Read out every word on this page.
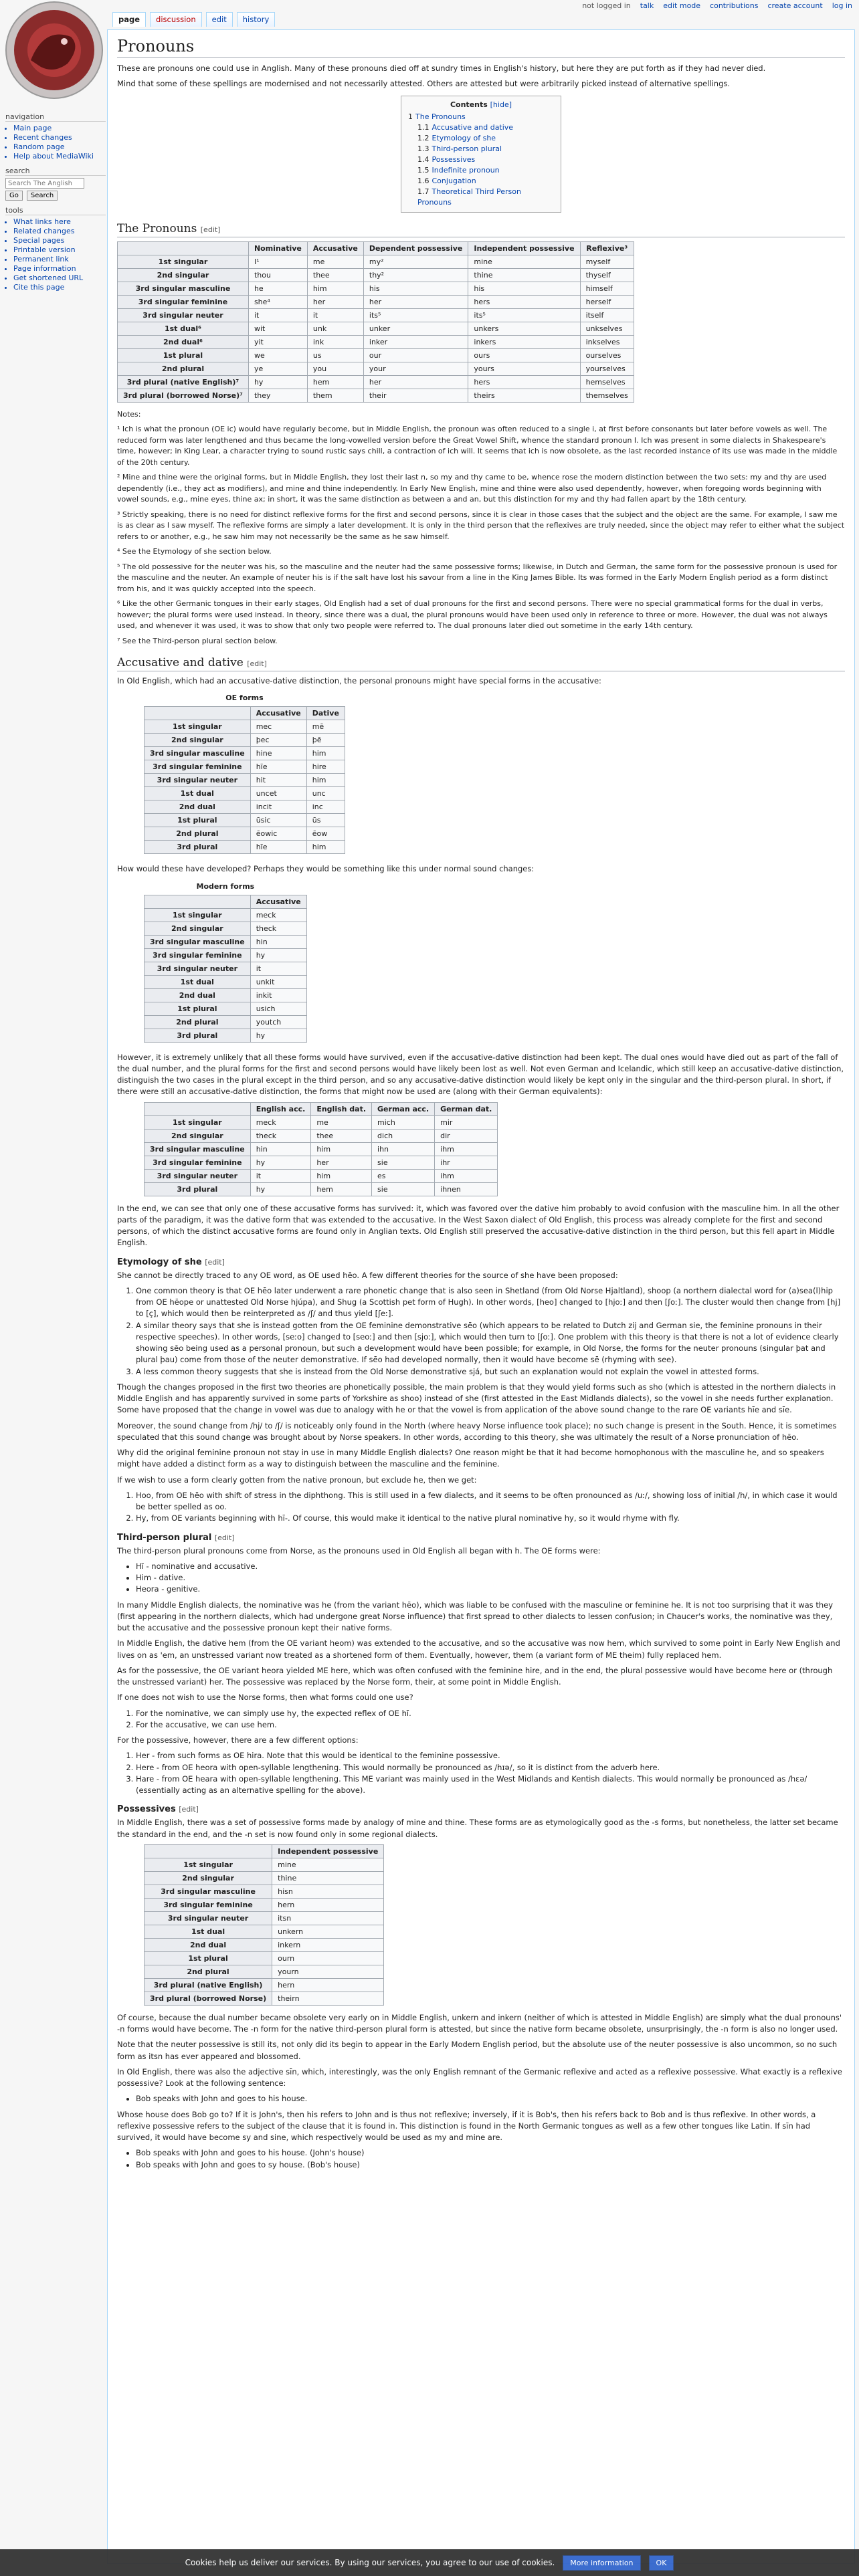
not logged in talk edit mode contributions create account log in
page	discussion	edit	history
navigation
• Main page
• Recent changes
• Random page
• Help about MediaWiki
search
Search The Anglish
Go	Search
tools
• What links here
• Related changes
• Special pages
• Printable version
• Permanent link
• Page information
• Get shortened URL
• Cite this page
Pronouns

These are pronouns one could use in Anglish. Many of these pronouns died off at sundry times in English's history, but here they are put forth as if they had never died.

Mind that some of these spellings are modernised and not necessarily attested. Others are attested but were arbitrarily picked instead of alternative spellings.

Contents [hide]
1 The Pronouns
1.1 Accusative and dative
1.2 Etymology of she
1.3 Third-person plural
1.4 Possessives
1.5 Indefinite pronoun
1.6 Conjugation
1.7 Theoretical Third Person Pronouns
The Pronouns [edit]
	Nominative	Accusative	Dependent possessive	Independent possessive	Reflexive³
1st singular	I¹	me	my²	mine	myself
2nd singular	thou	thee	thy²	thine	thyself
3rd singular masculine	he	him	his	his	himself
3rd singular feminine	she⁴	her	her	hers	herself
3rd singular neuter	it	it	its⁵	its⁵	itself
1st dual⁶	wit	unk	unker	unkers	unkselves
2nd dual⁶	yit	ink	inker	inkers	inkselves
1st plural	we	us	our	ours	ourselves
2nd plural	ye	you	your	yours	yourselves
3rd plural (native English)⁷	hy	hem	her	hers	hemselves
3rd plural (borrowed Norse)⁷	they	them	their	theirs	themselves

Notes:

¹ Ich is what the pronoun (OE ic) would have regularly become, but in Middle English, the pronoun was often reduced to a single i, at first before consonants but later before vowels as well. The reduced form was later lengthened and thus became the long-vowelled version before the Great Vowel Shift, whence the standard pronoun I. Ich was present in some dialects in Shakespeare's time, however; in King Lear, a character trying to sound rustic says chill, a contraction of ich will. It seems that ich is now obsolete, as the last recorded instance of its use was made in the middle of the 20th century.

² Mine and thine were the original forms, but in Middle English, they lost their last n, so my and thy came to be, whence rose the modern distinction between the two sets: my and thy are used dependently (i.e., they act as modifiers), and mine and thine independently. In Early New English, mine and thine were also used dependently, however, when foregoing words beginning with vowel sounds, e.g., mine eyes, thine ax; in short, it was the same distinction as between a and an, but this distinction for my and thy had fallen apart by the 18th century.

³ Strictly speaking, there is no need for distinct reflexive forms for the first and second persons, since it is clear in those cases that the subject and the object are the same. For example, I saw me is as clear as I saw myself. The reflexive forms are simply a later development. It is only in the third person that the reflexives are truly needed, since the object may refer to either what the subject refers to or another, e.g., he saw him may not necessarily be the same as he saw himself.

⁴ See the Etymology of she section below.

⁵ The old possessive for the neuter was his, so the masculine and the neuter had the same possessive forms; likewise, in Dutch and German, the same form for the possessive pronoun is used for the masculine and the neuter. An example of neuter his is if the salt have lost his savour from a line in the King James Bible. Its was formed in the Early Modern English period as a form distinct from his, and it was quickly accepted into the speech.

⁶ Like the other Germanic tongues in their early stages, Old English had a set of dual pronouns for the first and second persons. There were no special grammatical forms for the dual in verbs, however; the plural forms were used instead. In theory, since there was a dual, the plural pronouns would have been used only in reference to three or more. However, the dual was not always used, and whenever it was used, it was to show that only two people were referred to. The dual pronouns later died out sometime in the early 14th century.

⁷ See the Third-person plural section below.

Accusative and dative [edit]

In Old English, which had an accusative-dative distinction, the personal pronouns might have special forms in the accusative:

OE forms
	Accusative	Dative
1st singular	mec	mē
2nd singular	þec	þē
3rd singular masculine	hine	him
3rd singular feminine	hīe	hire
3rd singular neuter	hit	him
1st dual	uncet	unc
2nd dual	incit	inc
1st plural	ūsic	ūs
2nd plural	ēowic	ēow
3rd plural	hīe	him

How would these have developed? Perhaps they would be something like this under normal sound changes:

Modern forms
	Accusative
1st singular	meck
2nd singular	theck
3rd singular masculine	hin
3rd singular feminine	hy
3rd singular neuter	it
1st dual	unkit
2nd dual	inkit
1st plural	usich
2nd plural	youtch
3rd plural	hy

However, it is extremely unlikely that all these forms would have survived, even if the accusative-dative distinction had been kept. The dual ones would have died out as part of the fall of the dual number, and the plural forms for the first and second persons would have likely been lost as well. Not even German and Icelandic, which still keep an accusative-dative distinction, distinguish the two cases in the plural except in the third person, and so any accusative-dative distinction would likely be kept only in the singular and the third-person plural. In short, if there were still an accusative-dative distinction, the forms that might now be used are (along with their German equivalents):

	English acc.	English dat.	German acc.	German dat.
1st singular	meck	me	mich	mir
2nd singular	theck	thee	dich	dir
3rd singular masculine	hin	him	ihn	ihm
3rd singular feminine	hy	her	sie	ihr
3rd singular neuter	it	him	es	ihm
3rd plural	hy	hem	sie	ihnen

In the end, we can see that only one of these accusative forms has survived: it, which was favored over the dative him probably to avoid confusion with the masculine him. In all the other parts of the paradigm, it was the dative form that was extended to the accusative. In the West Saxon dialect of Old English, this process was already complete for the first and second persons, of which the distinct accusative forms are found only in Anglian texts. Old English still preserved the accusative-dative distinction in the third person, but this fell apart in Middle English.

Etymology of she [edit]

She cannot be directly traced to any OE word, as OE used hēo. A few different theories for the source of she have been proposed:

1. One common theory is that OE hēo later underwent a rare phonetic change that is also seen in Shetland (from Old Norse Hjaltland), shoop (a northern dialectal word for (a)sea(l)hip from OE hēope or unattested Old Norse hjúpa), and Shug (a Scottish pet form of Hugh). In other words, [heo] changed to [hjoː] and then [ʃoː]. The cluster would then change from [hj] to [ç], which would then be reinterpreted as /ʃ/ and thus yield [ʃeː].
2. A similar theory says that she is instead gotten from the OE feminine demonstrative sēo (which appears to be related to Dutch zij and German sie, the feminine pronouns in their respective speeches). In other words, [seːo] changed to [seoː] and then [sjoː], which would then turn to [ʃoː]. One problem with this theory is that there is not a lot of evidence clearly showing sēo being used as a personal pronoun, but such a development would have been possible; for example, in Old Norse, the forms for the neuter pronouns (singular þat and plural þau) come from those of the neuter demonstrative. If sēo had developed normally, then it would have become sē (rhyming with see).
3. A less common theory suggests that she is instead from the Old Norse demonstrative sjá, but such an explanation would not explain the vowel in attested forms.

Though the changes proposed in the first two theories are phonetically possible, the main problem is that they would yield forms such as sho (which is attested in the northern dialects in Middle English and has apparently survived in some parts of Yorkshire as shoo) instead of she (first attested in the East Midlands dialects), so the vowel in she needs further explanation. Some have proposed that the change in vowel was due to analogy with he or that the vowel is from application of the above sound change to the rare OE variants hīe and sīe.

Moreover, the sound change from /hj/ to /ʃ/ is noticeably only found in the North (where heavy Norse influence took place); no such change is present in the South. Hence, it is sometimes speculated that this sound change was brought about by Norse speakers. In other words, according to this theory, she was ultimately the result of a Norse pronunciation of hēo.

Why did the original feminine pronoun not stay in use in many Middle English dialects? One reason might be that it had become homophonous with the masculine he, and so speakers might have added a distinct form as a way to distinguish between the masculine and the feminine.

If we wish to use a form clearly gotten from the native pronoun, but exclude he, then we get:

1. Hoo, from OE hēo with shift of stress in the diphthong. This is still used in a few dialects, and it seems to be often pronounced as /uː/, showing loss of initial /h/, in which case it would be better spelled as oo.
2. Hy, from OE variants beginning with hī-. Of course, this would make it identical to the native plural nominative hy, so it would rhyme with fly.
Third-person plural [edit]

The third-person plural pronouns come from Norse, as the pronouns used in Old English all began with h. The OE forms were:

• Hī - nominative and accusative.
• Him - dative.
• Heora - genitive.

In many Middle English dialects, the nominative was he (from the variant hēo), which was liable to be confused with the masculine or feminine he. It is not too surprising that it was they (first appearing in the northern dialects, which had undergone great Norse influence) that first spread to other dialects to lessen confusion; in Chaucer's works, the nominative was they, but the accusative and the possessive pronoun kept their native forms.

In Middle English, the dative hem (from the OE variant heom) was extended to the accusative, and so the accusative was now hem, which survived to some point in Early New English and lives on as 'em, an unstressed variant now treated as a shortened form of them. Eventually, however, them (a variant form of ME theim) fully replaced hem.

As for the possessive, the OE variant heora yielded ME here, which was often confused with the feminine hire, and in the end, the plural possessive would have become here or (through the unstressed variant) her. The possessive was replaced by the Norse form, their, at some point in Middle English.

If one does not wish to use the Norse forms, then what forms could one use?

1. For the nominative, we can simply use hy, the expected reflex of OE hī.
2. For the accusative, we can use hem.

For the possessive, however, there are a few different options:

1. Her - from such forms as OE hira. Note that this would be identical to the feminine possessive.
2. Here - from OE heora with open-syllable lengthening. This would normally be pronounced as /hɪə/, so it is distinct from the adverb here.
3. Hare - from OE heara with open-syllable lengthening. This ME variant was mainly used in the West Midlands and Kentish dialects. This would normally be pronounced as /hɛə/ (essentially acting as an alternative spelling for the above).
Possessives [edit]

In Middle English, there was a set of possessive forms made by analogy of mine and thine. These forms are as etymologically good as the -s forms, but nonetheless, the latter set became the standard in the end, and the -n set is now found only in some regional dialects.

	Independent possessive
1st singular	mine
2nd singular	thine
3rd singular masculine	hisn
3rd singular feminine	hern
3rd singular neuter	itsn
1st dual	unkern
2nd dual	inkern
1st plural	ourn
2nd plural	yourn
3rd plural (native English)	hern
3rd plural (borrowed Norse)	theirn

Of course, because the dual number became obsolete very early on in Middle English, unkern and inkern (neither of which is attested in Middle English) are simply what the dual pronouns' -n forms would have become. The -n form for the native third-person plural form is attested, but since the native form became obsolete, unsurprisingly, the -n form is also no longer used.

Note that the neuter possessive is still its, not only did its begin to appear in the Early Modern English period, but the absolute use of the neuter possessive is also uncommon, so no such form as itsn has ever appeared and blossomed.

In Old English, there was also the adjective sīn, which, interestingly, was the only English remnant of the Germanic reflexive and acted as a reflexive possessive. What exactly is a reflexive possessive? Look at the following sentence:

• Bob speaks with John and goes to his house.

Whose house does Bob go to? If it is John's, then his refers to John and is thus not reflexive; inversely, if it is Bob's, then his refers back to Bob and is thus reflexive. In other words, a reflexive possessive refers to the subject of the clause that it is found in. This distinction is found in the North Germanic tongues as well as a few other tongues like Latin. If sīn had survived, it would have become sy and sine, which respectively would be used as my and mine are.

• Bob speaks with John and goes to his house. (John's house)
• Bob speaks with John and goes to sy house. (Bob's house)
Cookies help us deliver our services. By using our services, you agree to our use of cookies.	More information	OK
